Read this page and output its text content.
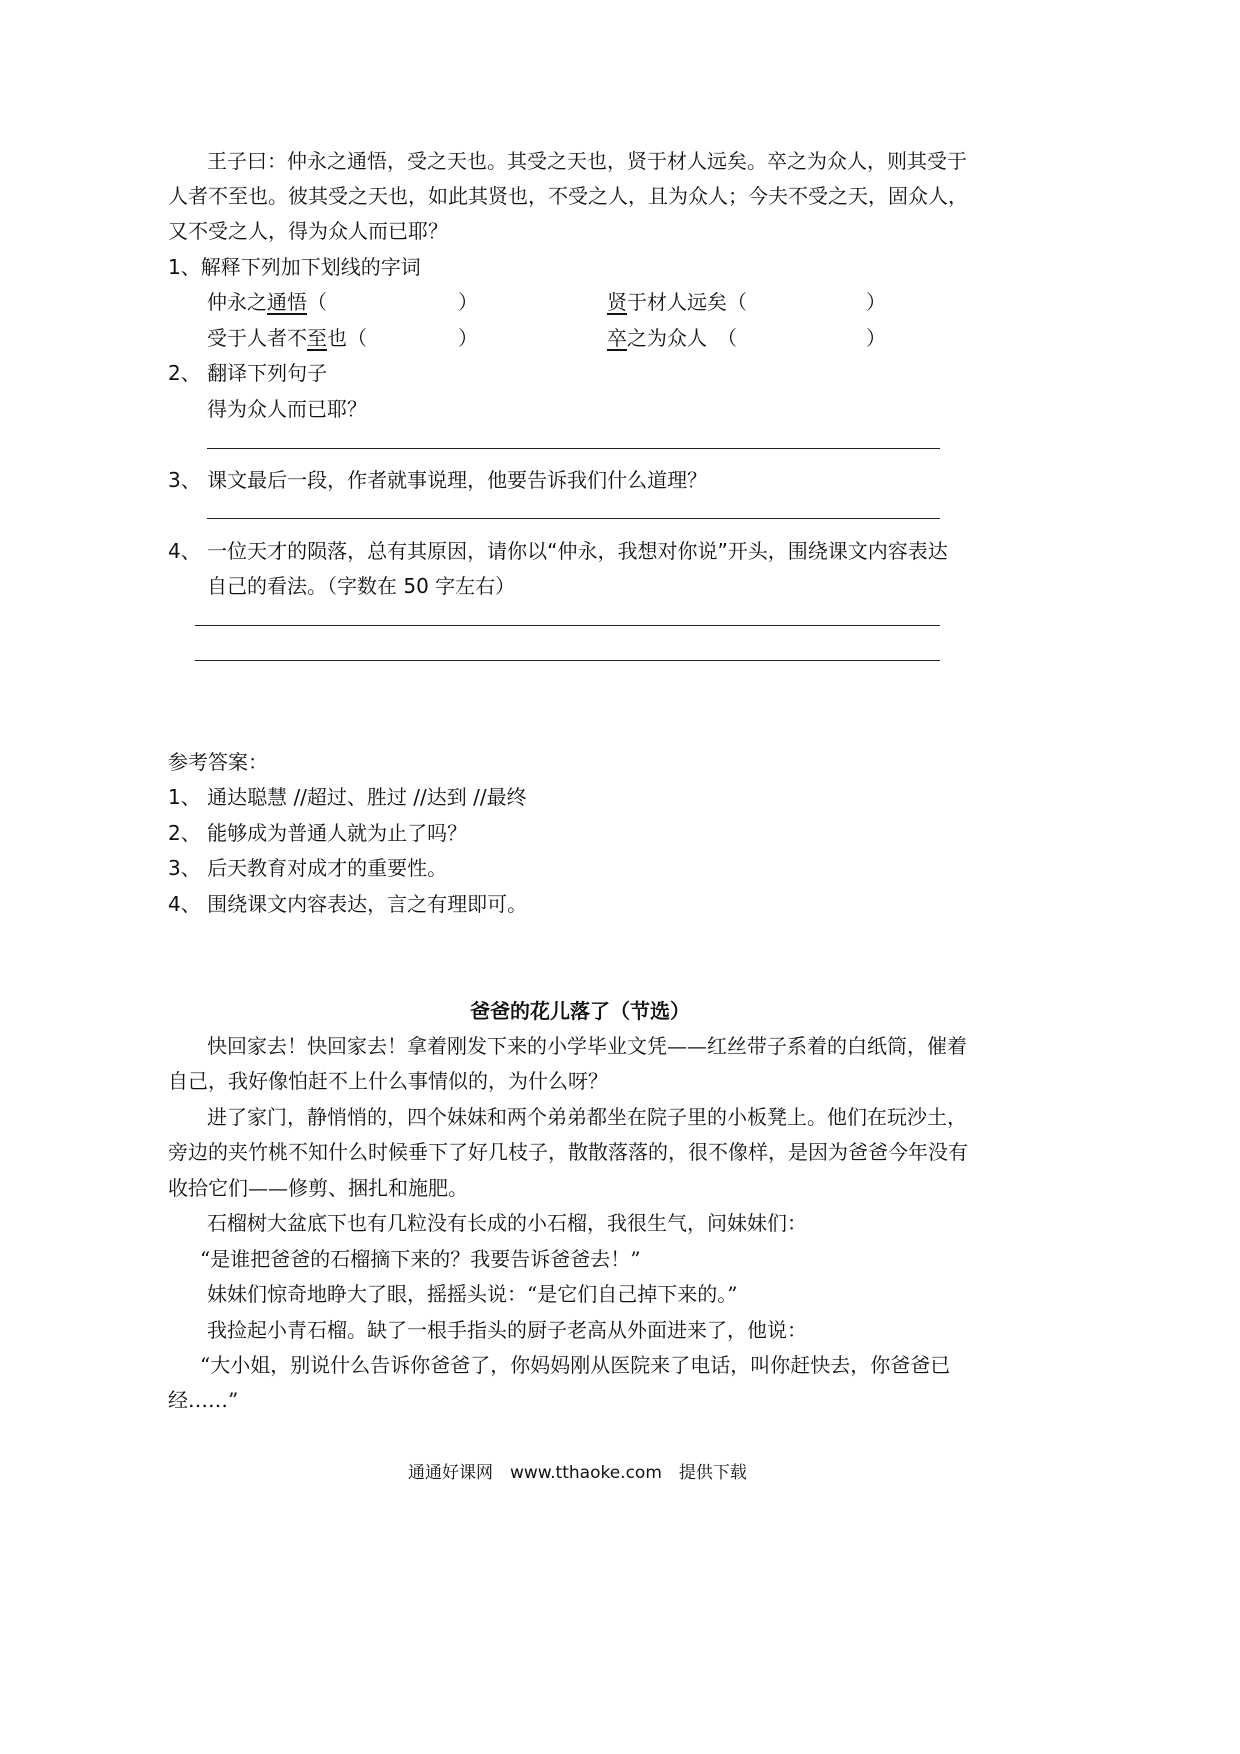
王子曰：仲永之通悟，受之天也。其受之天也，贤于材人远矣。卒之为众人，则其受于
人者不至也。彼其受之天也，如此其贤也，不受之人，且为众人；今夫不受之天，固众人，
又不受之人，得为众人而已耶？
1、解释下列加下划线的字词
仲永之通悟（	）	贤于材人远矣（	）
受于人者不至也（	）	卒之为众人　（	）
2、 翻译下列句子
得为众人而已耶？
3、 课文最后一段，作者就事说理，他要告诉我们什么道理？
4、 一位天才的陨落，总有其原因，请你以“仲永，我想对你说”开头，围绕课文内容表达
自己的看法。（字数在 50 字左右）
参考答案：
1、 通达聪慧 //超过、胜过 //达到 //最终
2、 能够成为普通人就为止了吗？
3、 后天教育对成才的重要性。
4、 围绕课文内容表达，言之有理即可。
爸爸的花儿落了（节选）
快回家去！快回家去！拿着刚发下来的小学毕业文凭——红丝带子系着的白纸筒，催着
自己，我好像怕赶不上什么事情似的，为什么呀？
进了家门，静悄悄的，四个妹妹和两个弟弟都坐在院子里的小板凳上。他们在玩沙土，
旁边的夹竹桃不知什么时候垂下了好几枝子，散散落落的，很不像样，是因为爸爸今年没有
收拾它们——修剪、捆扎和施肥。
石榴树大盆底下也有几粒没有长成的小石榴，我很生气，问妹妹们：
“是谁把爸爸的石榴摘下来的？我要告诉爸爸去！”
妹妹们惊奇地睁大了眼，摇摇头说：“是它们自己掉下来的。”
我捡起小青石榴。缺了一根手指头的厨子老高从外面进来了，他说：
“大小姐，别说什么告诉你爸爸了，你妈妈刚从医院来了电话，叫你赶快去，你爸爸已
经……”
通通好课网　www.tthaoke.com　提供下载
